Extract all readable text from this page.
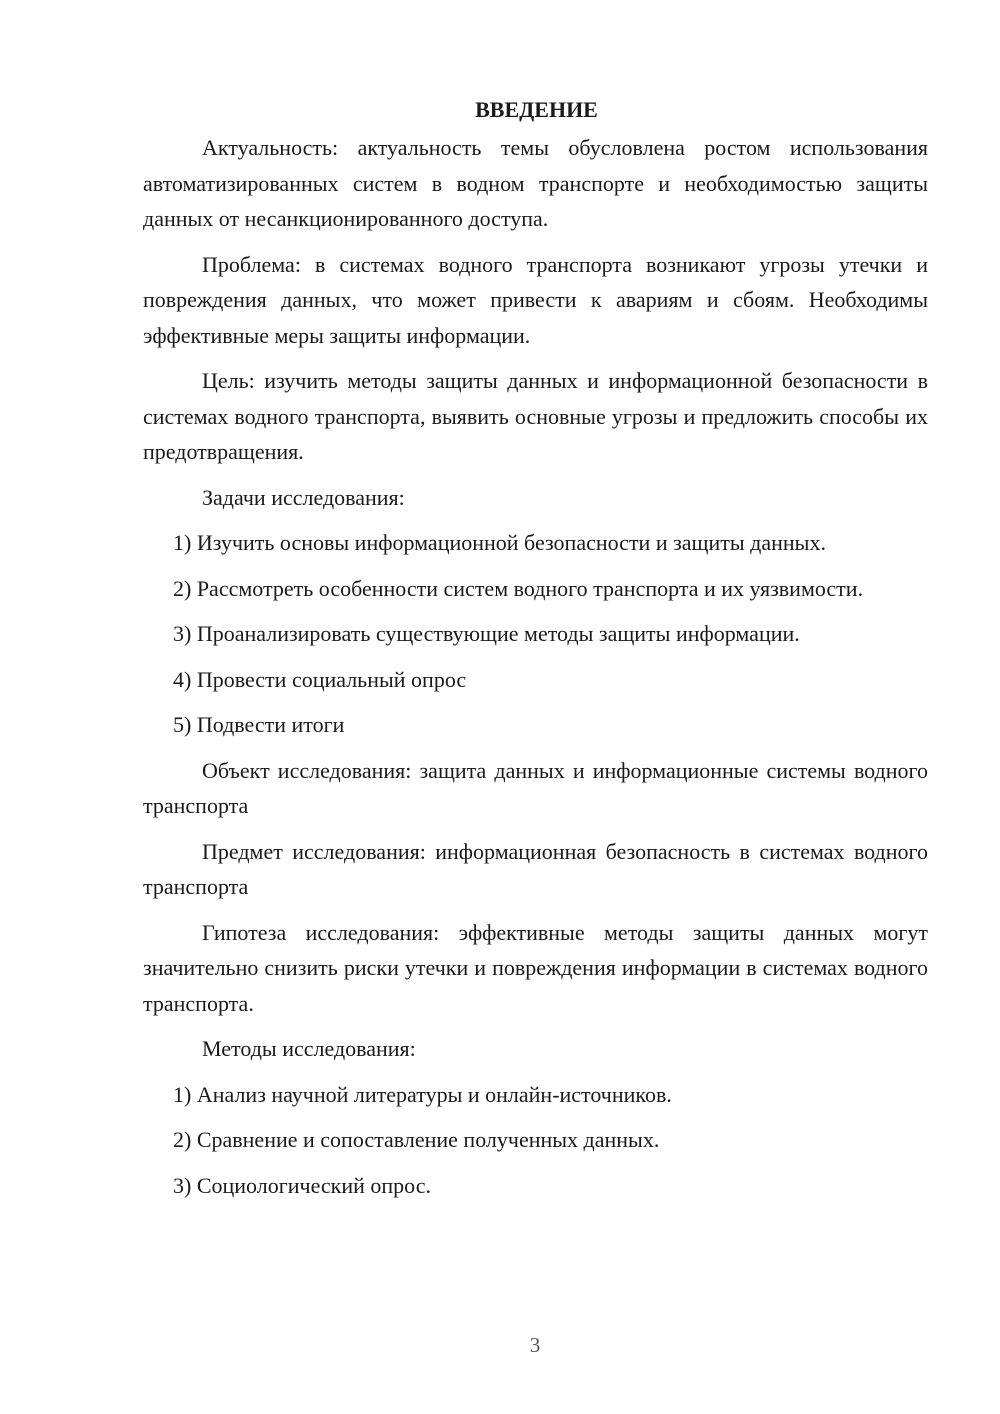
ВВЕДЕНИЕ

Актуальность: актуальность темы обусловлена ростом использования автоматизированных систем в водном транспорте и необходимостью защиты данных от несанкционированного доступа.

Проблема: в системах водного транспорта возникают угрозы утечки и повреждения данных, что может привести к авариям и сбоям. Необходимы эффективные меры защиты информации.

Цель: изучить методы защиты данных и информационной безопасности в системах водного транспорта, выявить основные угрозы и предложить способы их предотвращения.

Задачи исследования:

1) Изучить основы информационной безопасности и защиты данных.

2) Рассмотреть особенности систем водного транспорта и их уязвимости.

3) Проанализировать существующие методы защиты информации.

4) Провести социальный опрос

5) Подвести итоги

Объект исследования: защита данных и информационные системы водного транспорта

Предмет исследования: информационная безопасность в системах водного транспорта

Гипотеза исследования: эффективные методы защиты данных могут значительно снизить риски утечки и повреждения информации в системах водного транспорта.

Методы исследования:

1) Анализ научной литературы и онлайн-источников.

2) Сравнение и сопоставление полученных данных.

3) Социологический опрос.

3
